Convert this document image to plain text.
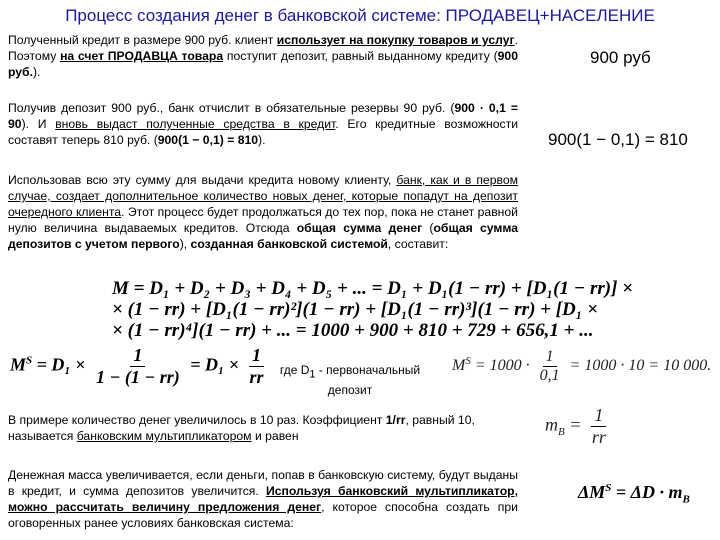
Процесс создания денег в банковской системе: ПРОДАВЕЦ+НАСЕЛЕНИЕ
Полученный кредит в размере 900 руб. клиент использует на покупку товаров и услуг. Поэтому на счет ПРОДАВЦА товара поступит депозит, равный выданному кредиту (900 руб.).
900 руб
Получив депозит 900 руб., банк отчислит в обязательные резервы 90 руб. (900 · 0,1 = 90). И вновь выдаст полученные средства в кредит. Его кредитные возможности составят теперь 810 руб. (900(1 − 0,1) = 810).	900(1 − 0,1) = 810
Использовав всю эту сумму для выдачи кредита новому клиенту, банк, как и в первом случае, создает дополнительное количество новых денег, которые попадут на депозит очередного клиента. Этот процесс будет продолжаться до тех пор, пока не станет равной нулю величина выдаваемых кредитов. Отсюда общая сумма денег (общая сумма депозитов с учетом первого), созданная банковской системой, составит:
M = D₁ + D₂ + D₃ + D₄ + D₅ + ... = D₁ + D₁(1 − rr) + [D₁(1 − rr)] ×
× (1 − rr) + [D₁(1 − rr)²](1 − rr) + [D₁(1 − rr)³](1 − rr) + [D₁ ×
× (1 − rr)⁴](1 − rr) + ... = 1000 + 900 + 810 + 729 + 656,1 + ...
$M^S = D_1 \times \frac{1}{1 - (1 - rr)} = D_1 \times \frac{1}{rr}$	где D1 - первоначальный депозит
$M^S = 1000 \cdot \frac{1}{0,1} = 1000 \cdot 10 = 10$ 000.
В примере количество денег увеличилось в 10 раз. Коэффициент 1/rr, равный 10, называется банковским мультипликатором и равен
$m_B = \frac{1}{rr}$
Денежная масса увеличивается, если деньги, попав в банковскую систему, будут выданы в кредит, и сумма депозитов увеличится. Используя банковский мультипликатор, можно рассчитать величину предложения денег, которое способна создать при оговоренных ранее условиях банковская система:
$\Delta M^S = \Delta D \cdot m_B$
